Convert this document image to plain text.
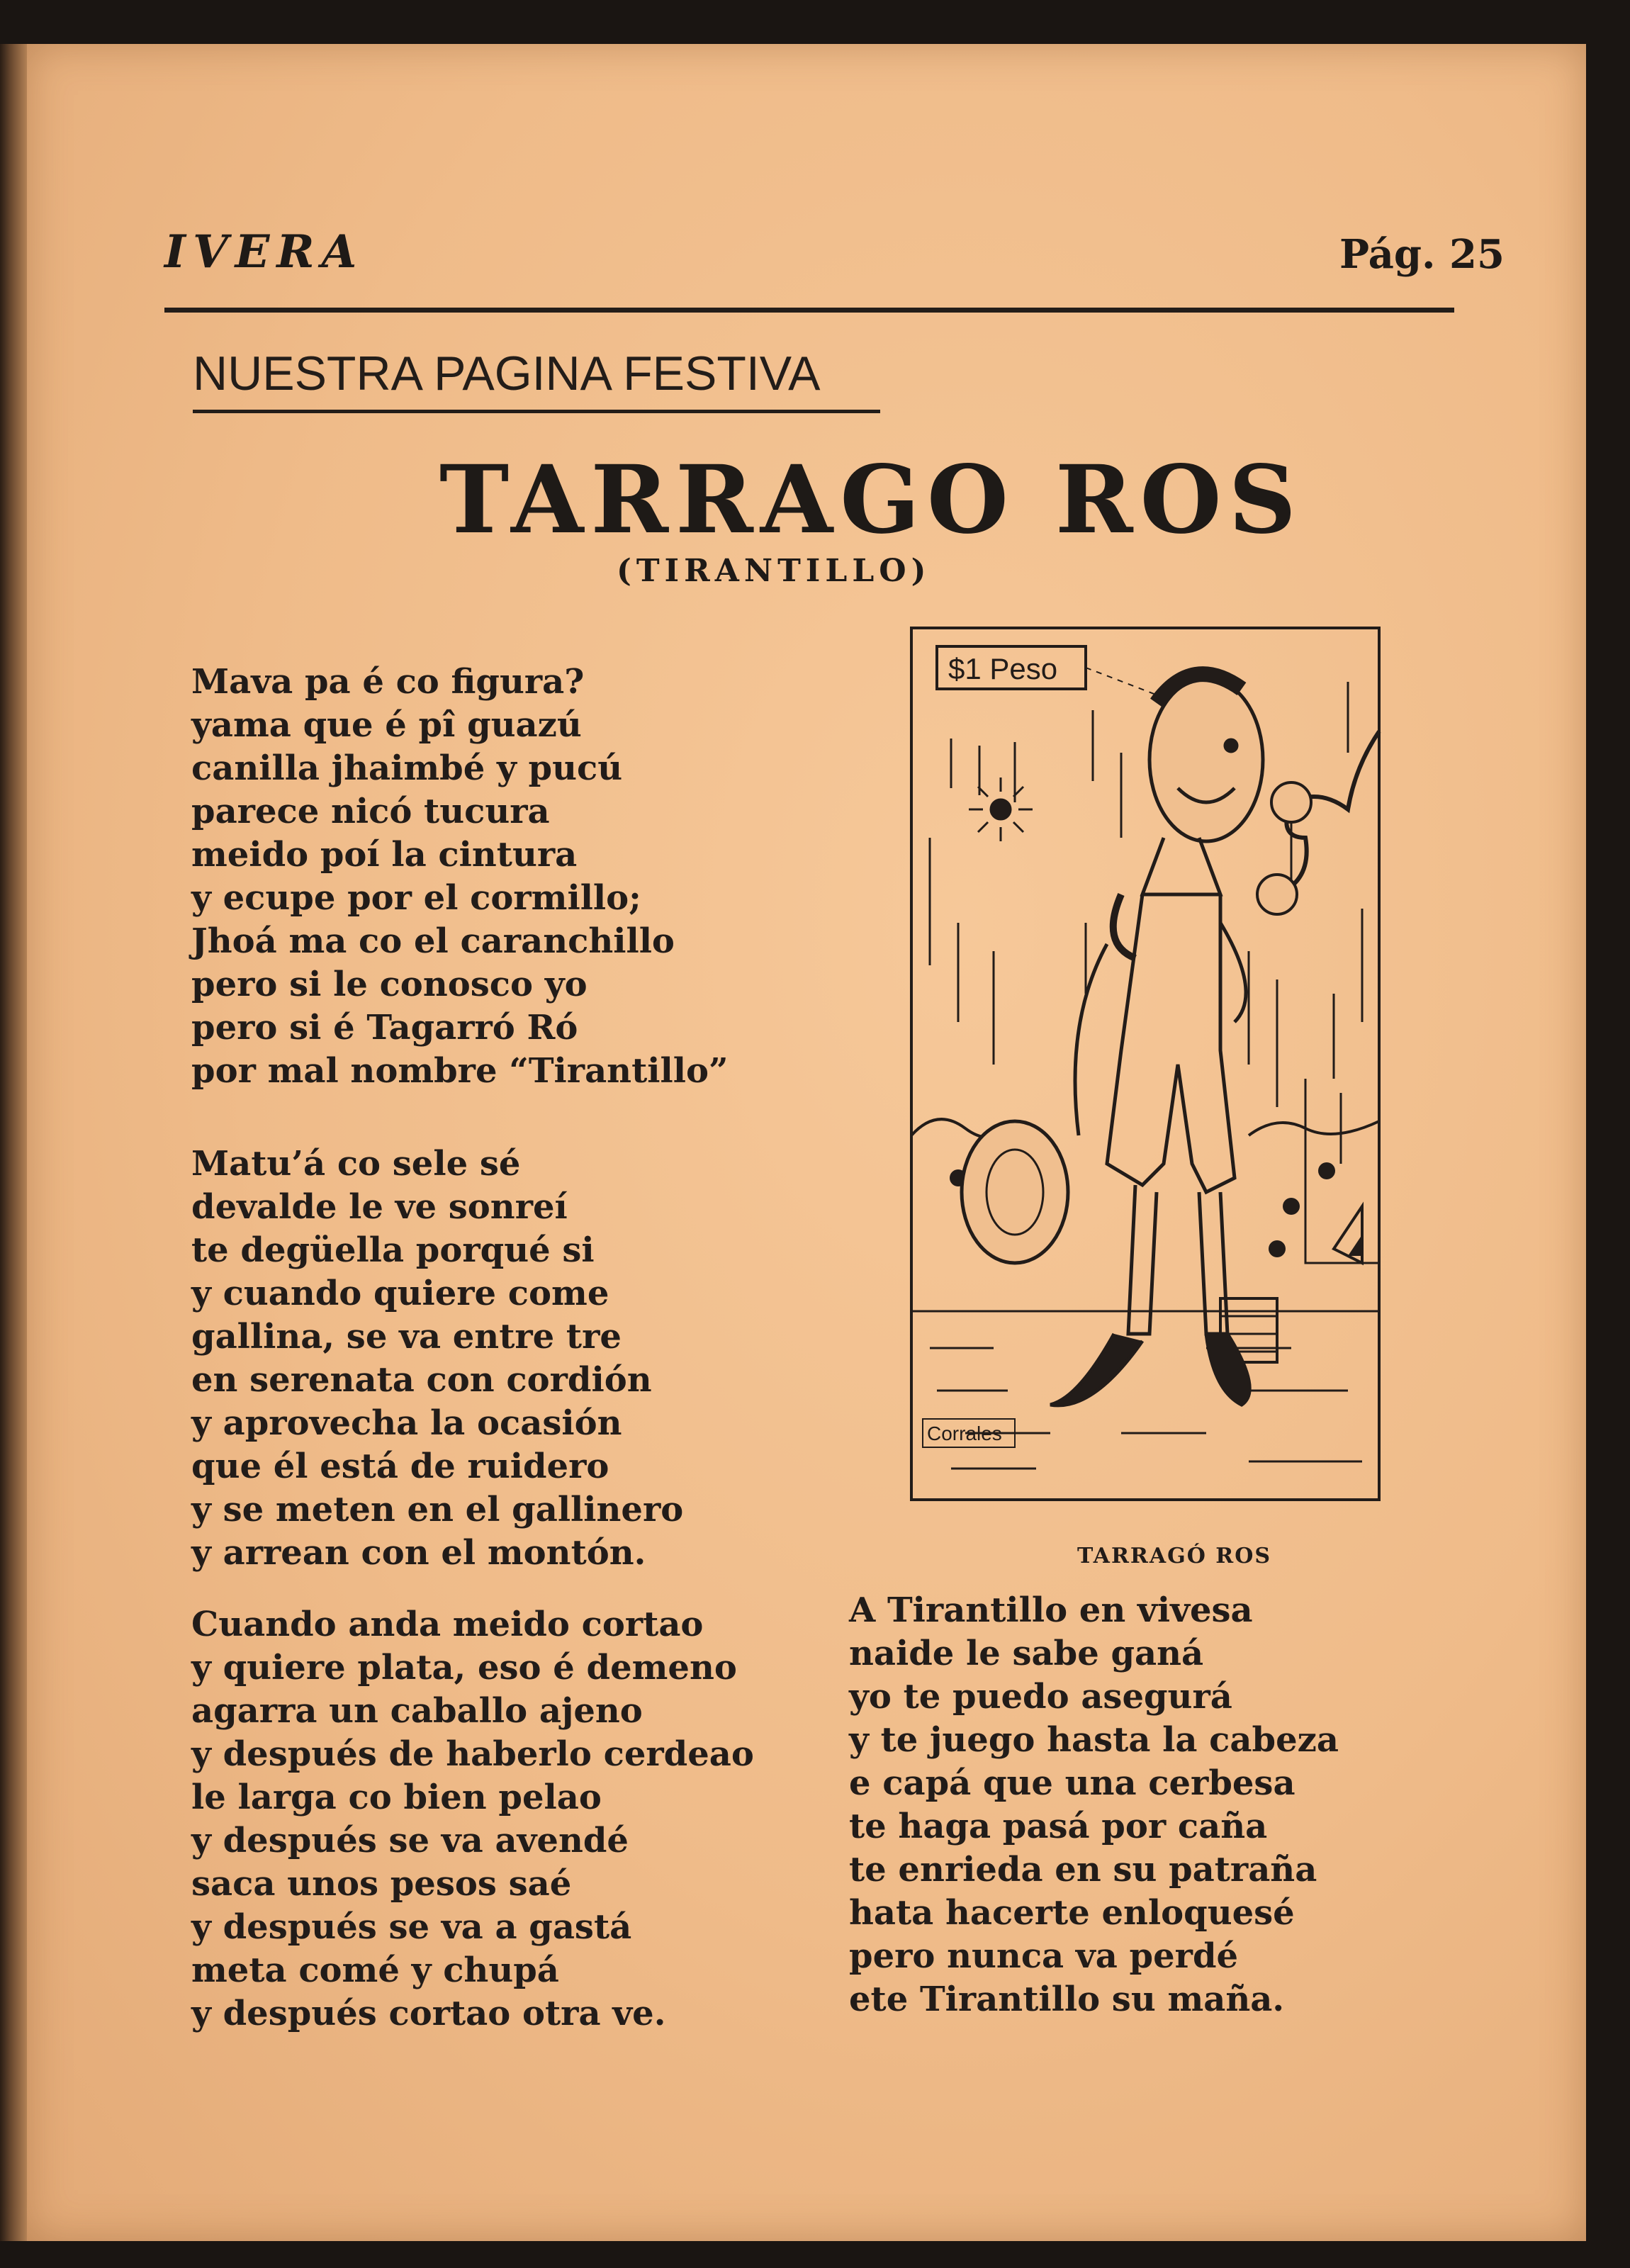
IVERA	Pág. 25
NUESTRA PAGINA FESTIVA
TARRAGO ROS
(TIRANTILLO)
Mava pa é co figura?
yama que é pî guazú
canilla jhaimbé y pucú
parece nicó tucura
meido poí la cintura
y ecupe por el cormillo;
Jhoá ma co el caranchillo
pero si le conosco yo
pero si é Tagarró Ró
por mal nombre “Tirantillo”
Matu’á co sele sé
devalde le ve sonreí
te degüella porqué si
y cuando quiere come
gallina, se va entre tre
en serenata con cordión
y aprovecha la ocasión
que él está de ruidero
y se meten en el gallinero
y arrean con el montón.
Cuando anda meido cortao
y quiere plata, eso é demeno
agarra un caballo ajeno
y después de haberlo cerdeao
le larga co bien pelao
y después se va avendé
saca unos pesos saé
y después se va a gastá
meta comé y chupá
y después cortao otra ve.
A Tirantillo en vivesa
naide le sabe ganá
yo te puedo asegurá
y te juego hasta la cabeza
e capá que una cerbesa
te haga pasá por caña
te enrieda en su patraña
hata hacerte enloquesé
pero nunca va perdé
ete Tirantillo su maña.
$1 Peso
Corrales
TARRAGÓ ROS
